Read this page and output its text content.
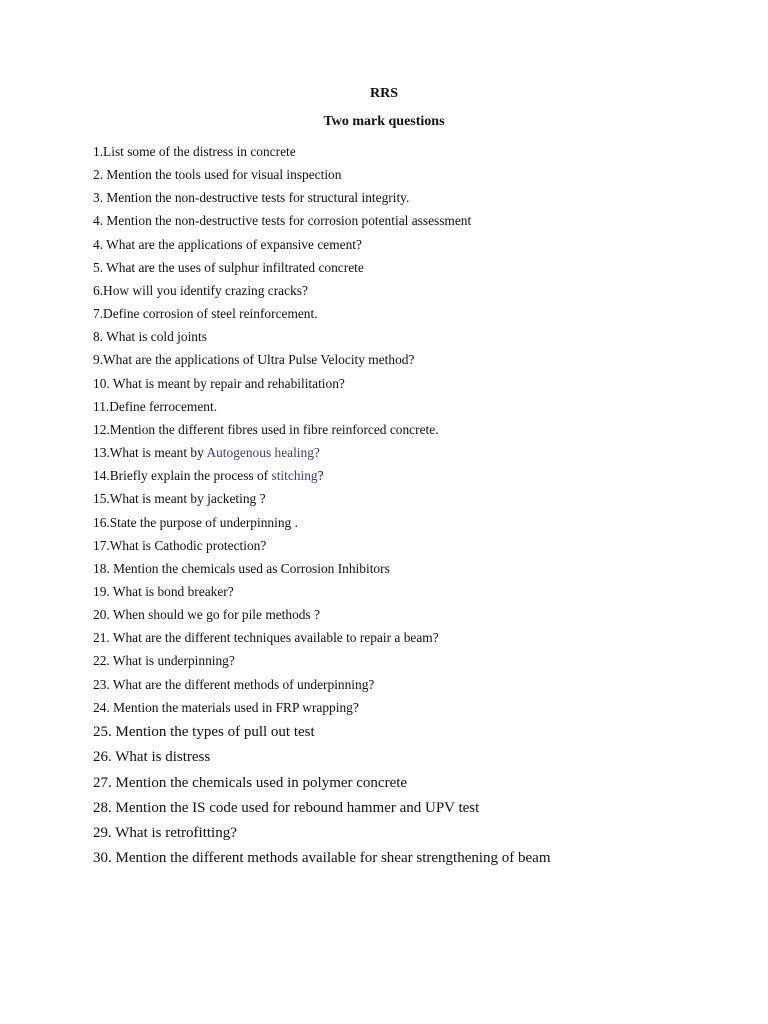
RRS
Two mark questions
1.List some of the distress in concrete
2. Mention the tools used for visual inspection
3. Mention the non-destructive tests for structural integrity.
4. Mention the non-destructive tests for corrosion potential assessment
4. What are the applications of expansive cement?
5. What are the uses of sulphur infiltrated concrete
6.How will you identify crazing cracks?
7.Define corrosion of steel reinforcement.
8. What is cold joints
9.What are the applications of Ultra Pulse Velocity method?
10. What is meant by repair and rehabilitation?
11.Define ferrocement.
12.Mention the different fibres used in fibre reinforced concrete.
13.What is meant by Autogenous healing?
14.Briefly explain the process of stitching?
15.What is meant by jacketing ?
16.State the purpose of underpinning .
17.What is Cathodic protection?
18. Mention the chemicals used as Corrosion Inhibitors
19. What is bond breaker?
20. When should we go for pile methods ?
21. What are the different techniques available to repair a beam?
22. What is underpinning?
23. What are the different methods of underpinning?
24. Mention the materials used in FRP wrapping?
25. Mention the types of pull out test
26. What is distress
27. Mention the chemicals used in polymer concrete
28. Mention the IS code used for rebound hammer and UPV test
29. What is retrofitting?
30. Mention the different methods available for shear strengthening of beam
